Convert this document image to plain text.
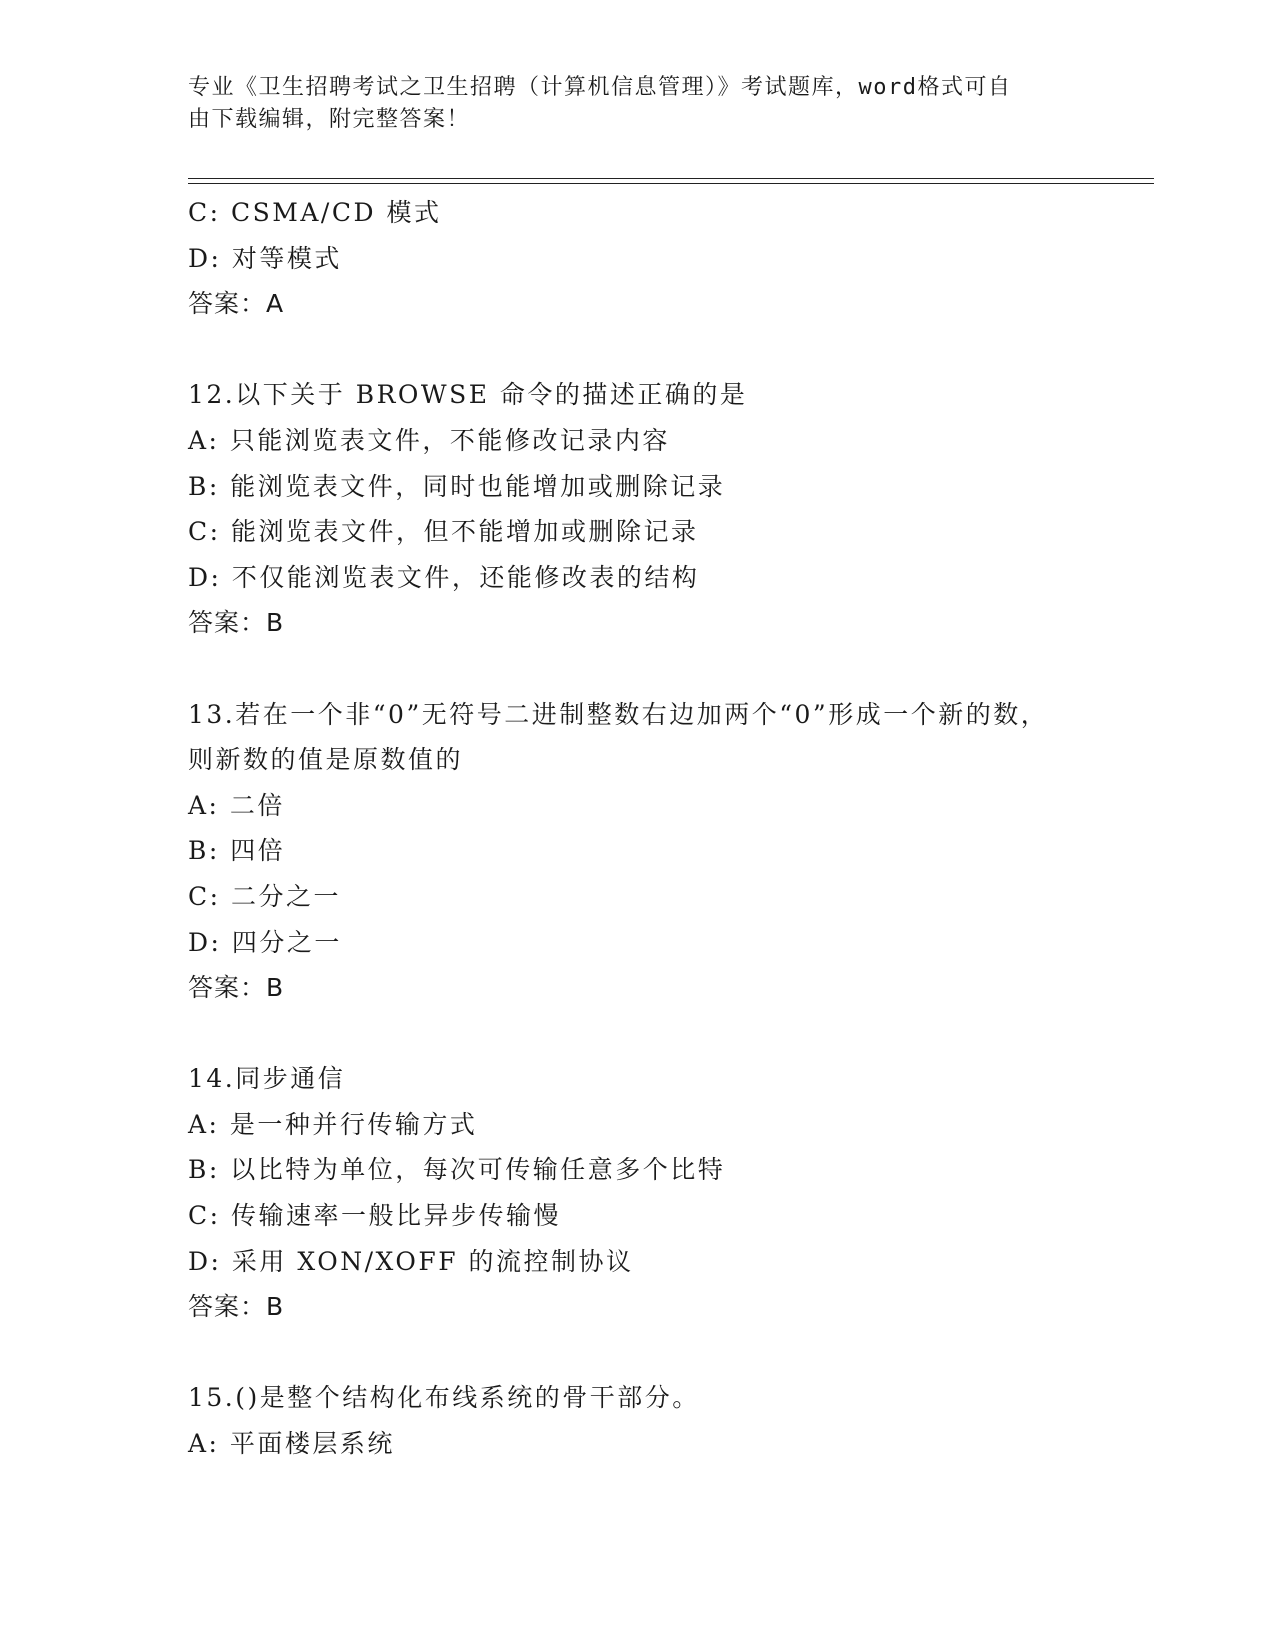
专业《卫生招聘考试之卫生招聘（计算机信息管理）》考试题库，word格式可自
由下载编辑，附完整答案！
C: CSMA/CD 模式
D: 对等模式
答案：A
12.以下关于 BROWSE 命令的描述正确的是
A: 只能浏览表文件，不能修改记录内容
B: 能浏览表文件，同时也能增加或删除记录
C: 能浏览表文件，但不能增加或删除记录
D: 不仅能浏览表文件，还能修改表的结构
答案：B
13.若在一个非“0”无符号二进制整数右边加两个“0”形成一个新的数，则新数的值是原数值的
A: 二倍
B: 四倍
C: 二分之一
D: 四分之一
答案：B
14.同步通信
A: 是一种并行传输方式
B: 以比特为单位，每次可传输任意多个比特
C: 传输速率一般比异步传输慢
D: 采用 XON/XOFF 的流控制协议
答案：B
15.()是整个结构化布线系统的骨干部分。
A: 平面楼层系统
